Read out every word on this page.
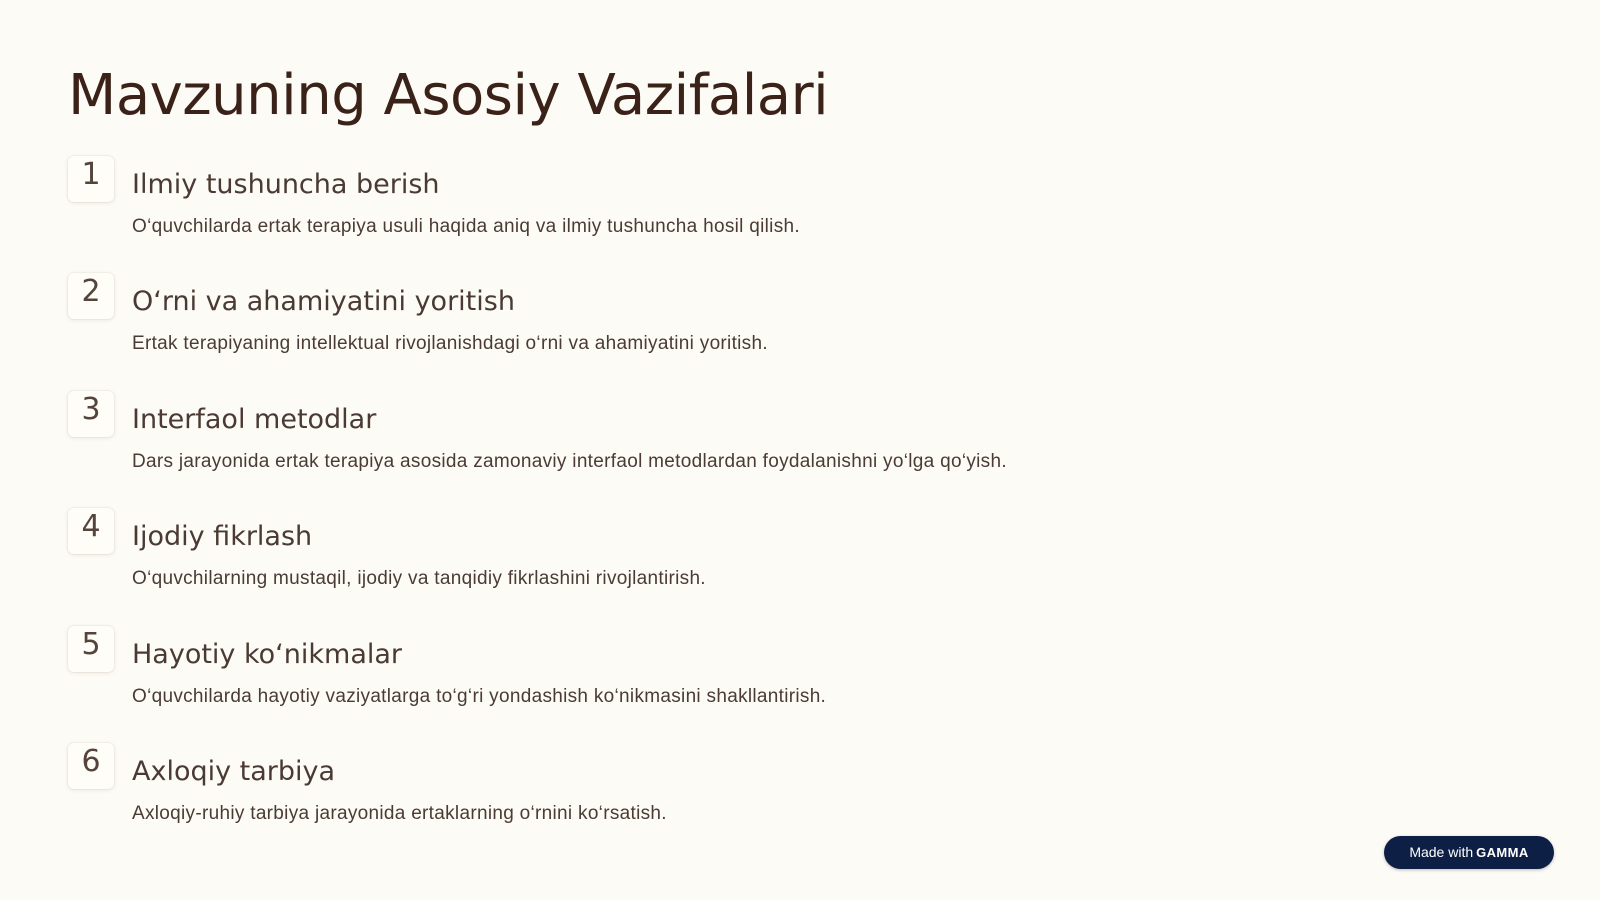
Mavzuning Asosiy Vazifalari
1	Ilmiy tushuncha berish

O‘quvchilarda ertak terapiya usuli haqida aniq va ilmiy tushuncha hosil qilish.

2	O‘rni va ahamiyatini yoritish

Ertak terapiyaning intellektual rivojlanishdagi o‘rni va ahamiyatini yoritish.

3	Interfaol metodlar

Dars jarayonida ertak terapiya asosida zamonaviy interfaol metodlardan foydalanishni yo‘lga qo‘yish.

4	Ijodiy fikrlash

O‘quvchilarning mustaqil, ijodiy va tanqidiy fikrlashini rivojlantirish.

5	Hayotiy ko‘nikmalar

O‘quvchilarda hayotiy vaziyatlarga to‘g‘ri yondashish ko‘nikmasini shakllantirish.

6	Axloqiy tarbiya

Axloqiy-ruhiy tarbiya jarayonida ertaklarning o‘rnini ko‘rsatish.

Made with GAMMA
